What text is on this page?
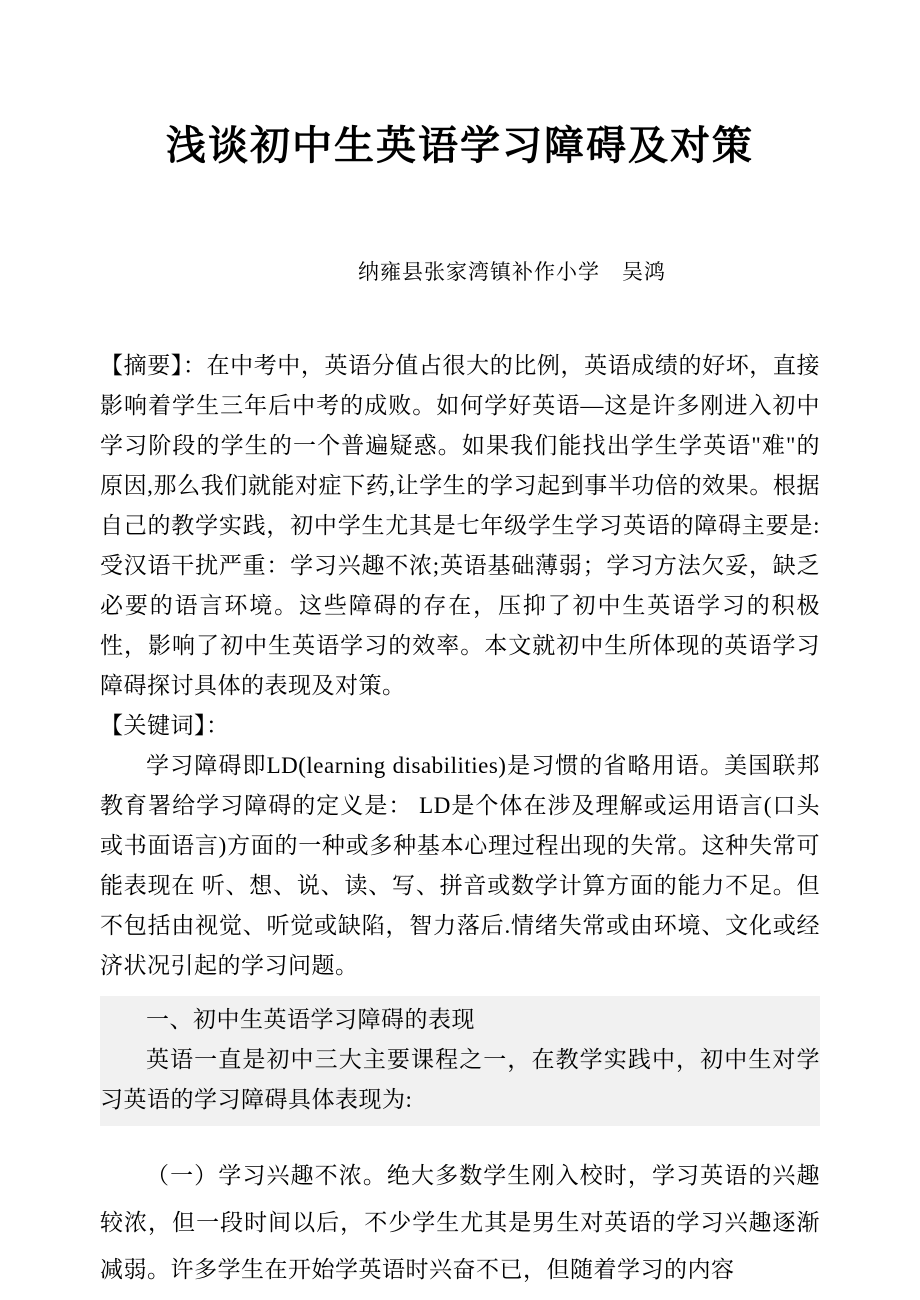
浅谈初中生英语学习障碍及对策
纳雍县张家湾镇补作小学　吴鸿

【摘要】：在中考中，英语分值占很大的比例，英语成绩的好坏，直接影响着学生三年后中考的成败。如何学好英语—这是许多刚进入初中学习阶段的学生的一个普遍疑惑。如果我们能找出学生学英语"难"的原因,那么我们就能对症下药,让学生的学习起到事半功倍的效果。根据自己的教学实践，初中学生尤其是七年级学生学习英语的障碍主要是:受汉语干扰严重：学习兴趣不浓;英语基础薄弱；学习方法欠妥，缺乏必要的语言环境。这些障碍的存在，压抑了初中生英语学习的积极性，影响了初中生英语学习的效率。本文就初中生所体现的英语学习障碍探讨具体的表现及对策。

【关键词】：

学习障碍即LD(learning disabilities)是习惯的省略用语。美国联邦教育署给学习障碍的定义是： LD是个体在涉及理解或运用语言(口头或书面语言)方面的一种或多种基本心理过程出现的失常。这种失常可能表现在 听、想、说、读、写、拼音或数学计算方面的能力不足。但不包括由视觉、听觉或缺陷，智力落后.情绪失常或由环境、文化或经济状况引起的学习问题。

一、初中生英语学习障碍的表现

英语一直是初中三大主要课程之一，在教学实践中，初中生对学习英语的学习障碍具体表现为:

（一）学习兴趣不浓。绝大多数学生刚入校时，学习英语的兴趣较浓，但一段时间以后，不少学生尤其是男生对英语的学习兴趣逐渐减弱。许多学生在开始学英语时兴奋不已，但随着学习的内容
